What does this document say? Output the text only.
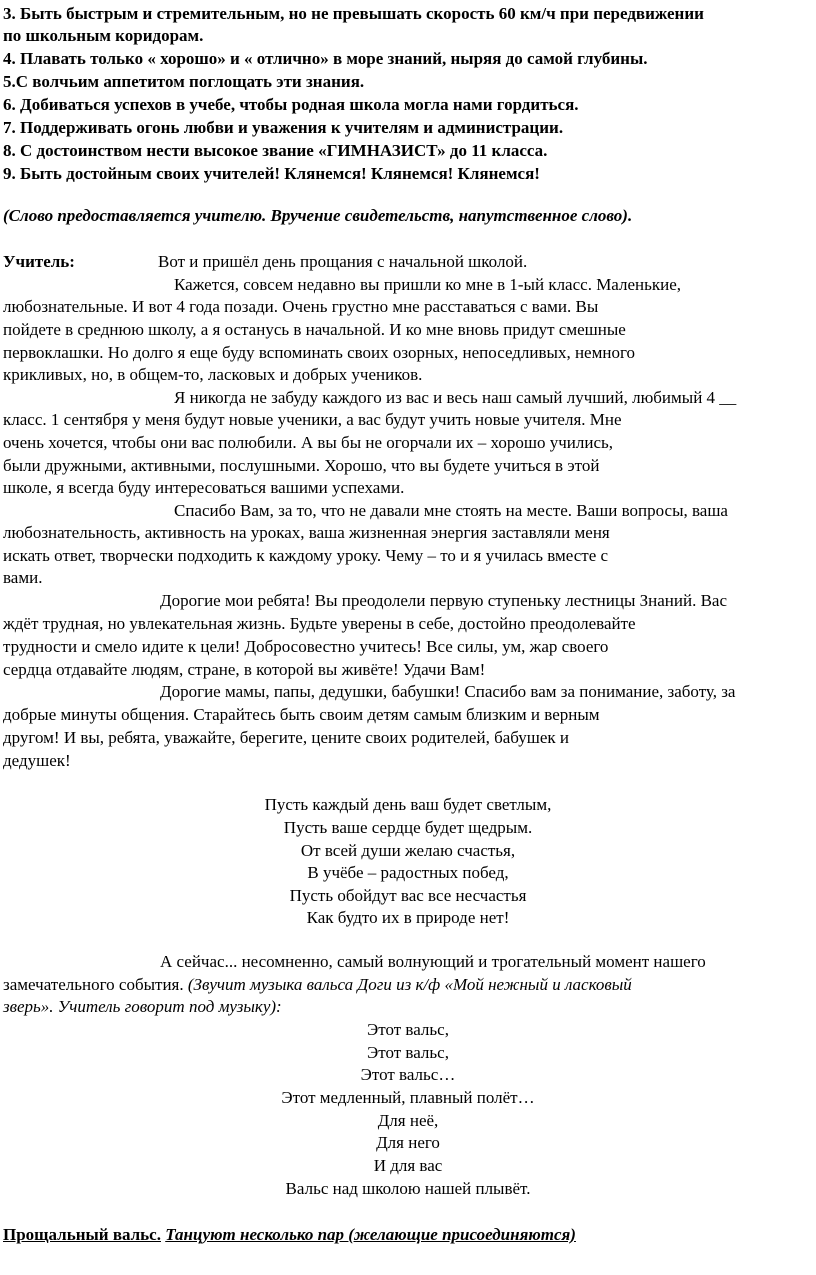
3. Быть быстрым и стремительным, но не превышать скорость 60 км/ч при передвижении
по школьным коридорам.
4. Плавать только « хорошо» и « отлично» в море знаний, ныряя до самой глубины.
5.С волчьим аппетитом поглощать эти знания.
6. Добиваться успехов в учебе, чтобы родная школа могла нами гордиться.
7. Поддерживать огонь любви и уважения к учителям и администрации.
8. С достоинством нести высокое звание «ГИМНАЗИСТ» до 11 класса.
9. Быть достойным своих учителей! Клянемся! Клянемся! Клянемся!
(Слово предоставляется учителю. Вручение свидетельств, напутственное слово).
Учитель:	Вот и пришёл день прощания с начальной школой.
Кажется, совсем недавно вы пришли ко мне в 1-ый класс. Маленькие,
любознательные. И вот 4 года позади. Очень грустно мне расставаться с вами. Вы
пойдете в среднюю школу, а я останусь в начальной. И ко мне вновь придут смешные
первоклашки. Но долго я еще буду вспоминать своих озорных, непоседливых, немного
крикливых, но, в общем-то, ласковых и добрых учеников.
Я никогда не забуду каждого из вас и весь наш самый лучший, любимый 4 __
класс. 1 сентября у меня будут новые ученики, а вас будут учить новые учителя. Мне
очень хочется, чтобы они вас полюбили. А вы бы не огорчали их – хорошо учились,
были дружными, активными, послушными. Хорошо, что вы будете учиться в этой
школе, я всегда буду интересоваться вашими успехами.
Спасибо Вам, за то, что не давали мне стоять на месте. Ваши вопросы, ваша
любознательность, активность на уроках, ваша жизненная энергия заставляли меня
искать ответ, творчески подходить к каждому уроку. Чему – то и я училась вместе с
вами.
Дорогие мои ребята! Вы преодолели первую ступеньку лестницы Знаний. Вас
ждёт трудная, но увлекательная жизнь. Будьте уверены в себе, достойно преодолевайте
трудности и смело идите к цели! Добросовестно учитесь! Все силы, ум, жар своего
сердца отдавайте людям, стране, в которой вы живёте! Удачи Вам!
Дорогие мамы, папы, дедушки, бабушки! Спасибо вам за понимание, заботу, за
добрые минуты общения. Старайтесь быть своим детям самым близким и верным
другом! И вы, ребята, уважайте, берегите, цените своих родителей, бабушек и
дедушек!
Пусть каждый день ваш будет светлым,
Пусть ваше сердце будет щедрым.
От всей души желаю счастья,
В учёбе – радостных побед,
Пусть обойдут вас все несчастья
Как будто их в природе нет!
А сейчас... несомненно, самый волнующий и трогательный момент нашего
замечательного события. (Звучит музыка вальса Доги из к/ф «Мой нежный и ласковый
зверь». Учитель говорит под музыку):
Этот вальс,
Этот вальс,
Этот вальс…
Этот медленный, плавный полёт…
Для неё,
Для него
И для вас
Вальс над школою нашей плывёт.
Прощальный вальс. Танцуют несколько пар (желающие присоединяются)
